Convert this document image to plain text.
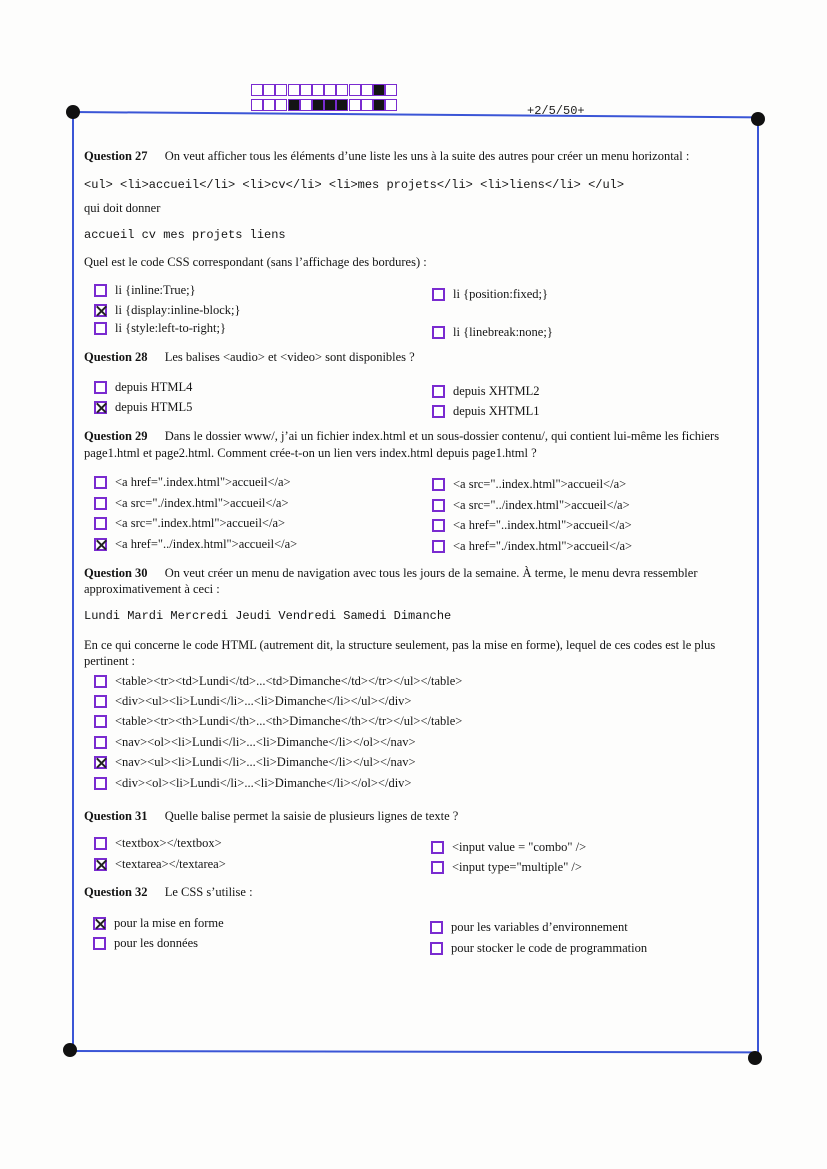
+2/5/50+
Question 27 On veut afficher tous les éléments d’une liste les uns à la suite des autres pour créer un menu horizontal :
<ul> <li>accueil</li> <li>cv</li> <li>mes projets</li> <li>liens</li> </ul>
qui doit donner
accueil cv mes projets liens
Quel est le code CSS correspondant (sans l’affichage des bordures) :
li {inline:True;}
li {display:inline-block;}
li {style:left-to-right;}
li {position:fixed;}
li {linebreak:none;}
Question 28 Les balises <audio> et <video> sont disponibles ?
depuis HTML4
depuis HTML5
depuis XHTML2
depuis XHTML1
Question 29 Dans le dossier www/, j’ai un fichier index.html et un sous-dossier contenu/, qui contient lui-même les fichiers
page1.html et page2.html. Comment crée-t-on un lien vers index.html depuis page1.html ?
<a href=".index.html">accueil</a>
<a src="./index.html">accueil</a>
<a src=".index.html">accueil</a>
<a href="../index.html">accueil</a>
<a src="..index.html">accueil</a>
<a src="../index.html">accueil</a>
<a href="..index.html">accueil</a>
<a href="./index.html">accueil</a>
Question 30 On veut créer un menu de navigation avec tous les jours de la semaine. À terme, le menu devra ressembler
approximativement à ceci :
Lundi Mardi Mercredi Jeudi Vendredi Samedi Dimanche
En ce qui concerne le code HTML (autrement dit, la structure seulement, pas la mise en forme), lequel de ces codes est le plus
pertinent :
<table><tr><td>Lundi</td>...<td>Dimanche</td></tr></ul></table>
<div><ul><li>Lundi</li>...<li>Dimanche</li></ul></div>
<table><tr><th>Lundi</th>...<th>Dimanche</th></tr></ul></table>
<nav><ol><li>Lundi</li>...<li>Dimanche</li></ol></nav>
<nav><ul><li>Lundi</li>...<li>Dimanche</li></ul></nav>
<div><ol><li>Lundi</li>...<li>Dimanche</li></ol></div>
Question 31 Quelle balise permet la saisie de plusieurs lignes de texte ?
<textbox></textbox>
<textarea></textarea>
<input value = "combo" />
<input type="multiple" />
Question 32 Le CSS s’utilise :
pour la mise en forme
pour les données
pour les variables d’environnement
pour stocker le code de programmation
